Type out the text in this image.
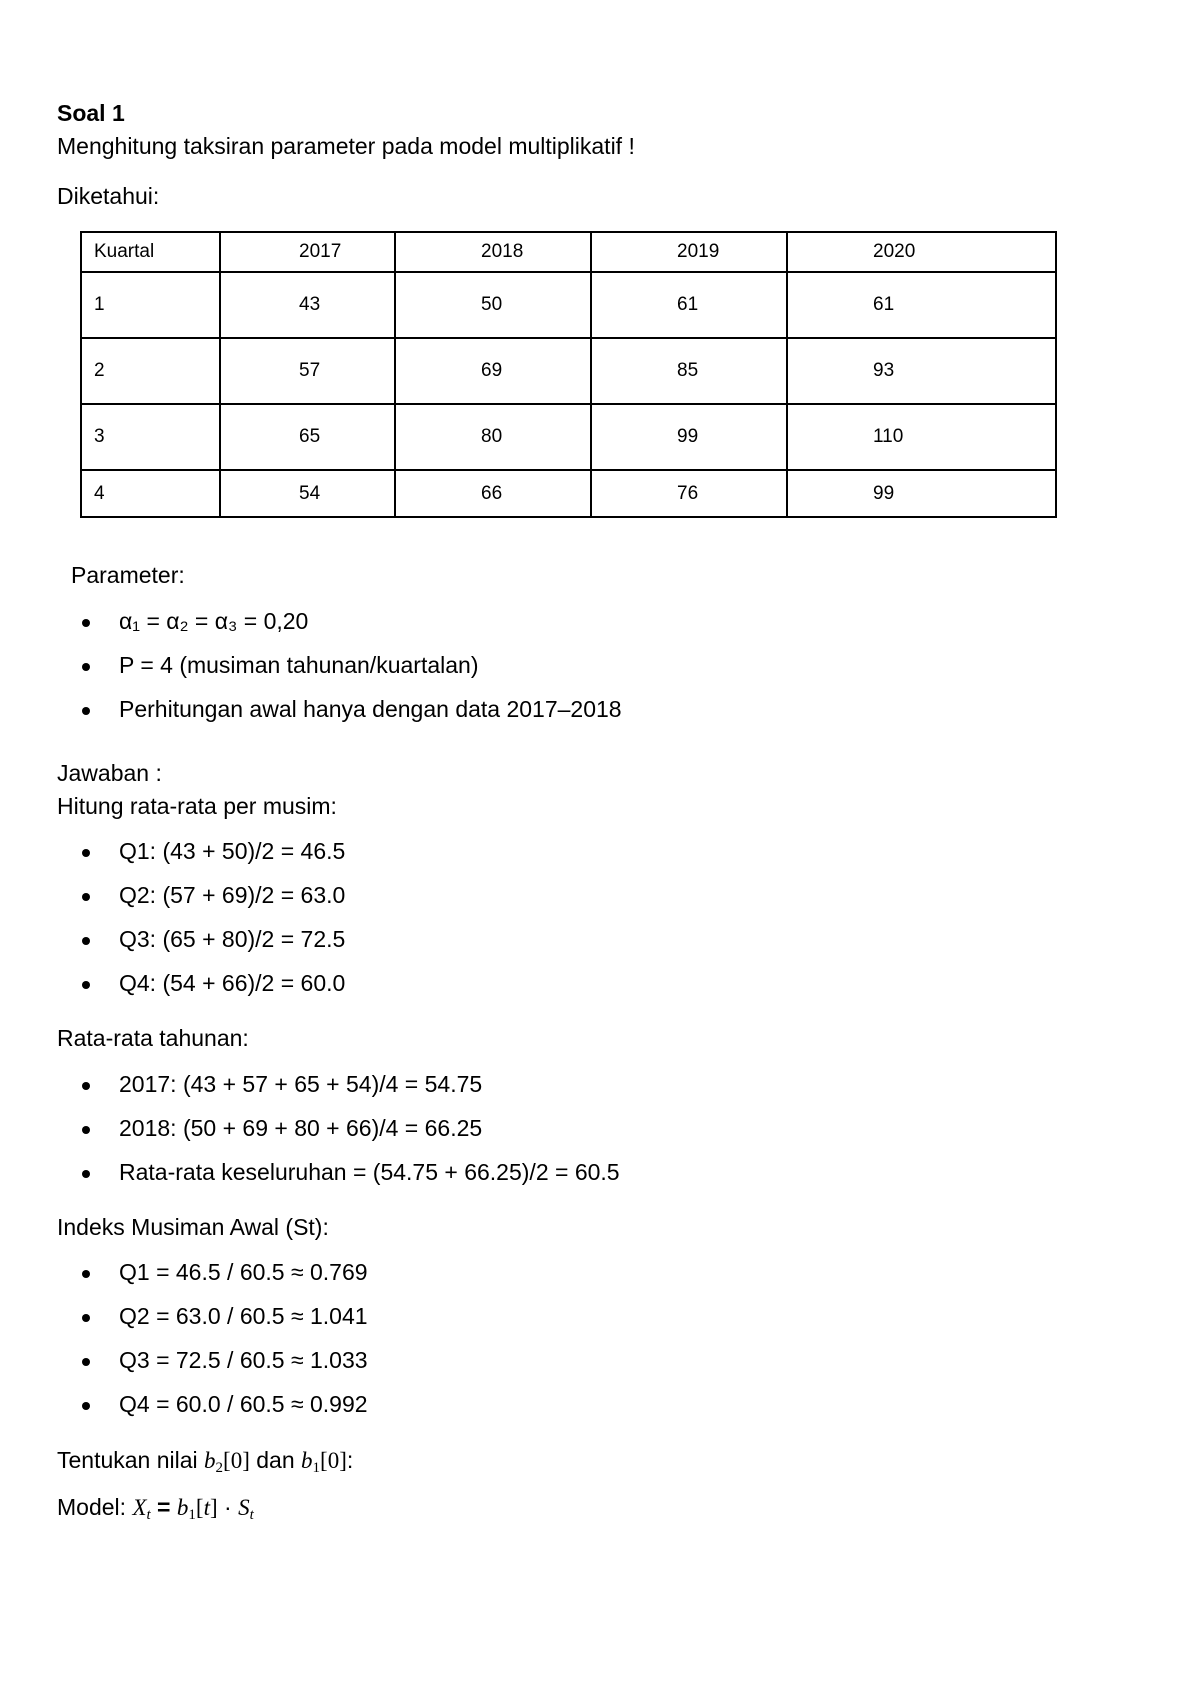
Soal 1
Menghitung taksiran parameter pada model multiplikatif !
Diketahui:
Kuartal	2017	2018	2019	2020
1	43	50	61	61
2	57	69	85	93
3	65	80	99	110
4	54	66	76	99
Parameter:
α₁ = α₂ = α₃ = 0,20
P = 4 (musiman tahunan/kuartalan)
Perhitungan awal hanya dengan data 2017–2018
Jawaban :
Hitung rata-rata per musim:
Q1: (43 + 50)/2 = 46.5
Q2: (57 + 69)/2 = 63.0
Q3: (65 + 80)/2 = 72.5
Q4: (54 + 66)/2 = 60.0
Rata-rata tahunan:
2017: (43 + 57 + 65 + 54)/4 = 54.75
2018: (50 + 69 + 80 + 66)/4 = 66.25
Rata-rata keseluruhan = (54.75 + 66.25)/2 = 60.5
Indeks Musiman Awal (St):
Q1 = 46.5 / 60.5 ≈ 0.769
Q2 = 63.0 / 60.5 ≈ 1.041
Q3 = 72.5 / 60.5 ≈ 1.033
Q4 = 60.0 / 60.5 ≈ 0.992
Tentukan nilai $b_2[0]$ dan $b_1[0]$:
Model: $X_t = b_1[t] \cdot S_t$
